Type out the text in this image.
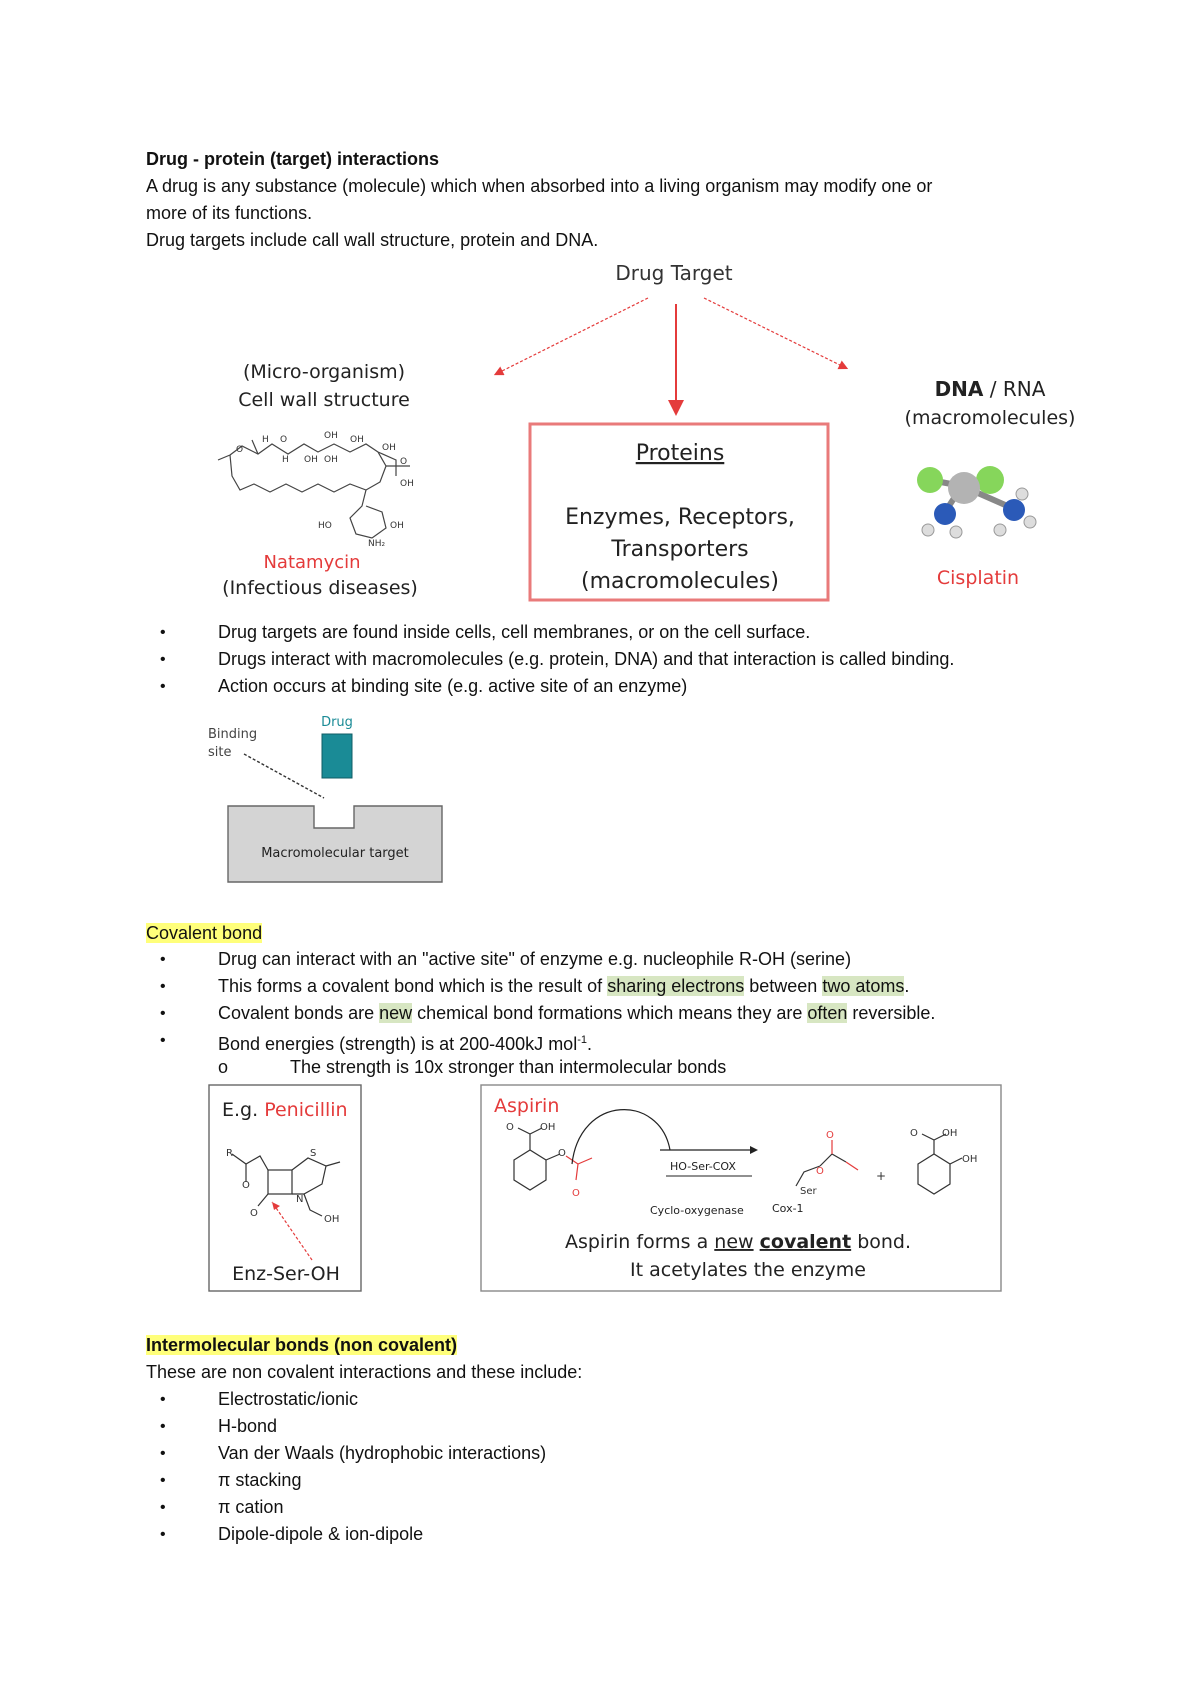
Drug - protein (target) interactions
A drug is any substance (molecule) which when absorbed into a living organism may modify one or
more of its functions.
Drug targets include call wall structure, protein and DNA.
Drug Target
(Micro-organism)
Cell wall structure
H O	OH OH
H OH OH
OH
O
OH
O
HO	OH
NH₂
Natamycin
(Infectious diseases)
Proteins
Enzymes, Receptors,
Transporters
(macromolecules)
DNA / RNA
(macromolecules)
Cisplatin
•	Drug targets are found inside cells, cell membranes, or on the cell surface.
•	Drugs interact with macromolecules (e.g. protein, DNA) and that interaction is called binding.
•	Action occurs at binding site (e.g. active site of an enzyme)
Binding
site
Drug
Macromolecular target
Covalent bond
•	Drug can interact with an "active site" of enzyme e.g. nucleophile R-OH (serine)
•	This forms a covalent bond which is the result of sharing electrons between two atoms.
•	Covalent bonds are new chemical bond formations which means they are often reversible.
•	Bond energies (strength) is at 200-400kJ mol$^{-1}$.
o	The strength is 10x stronger than intermolecular bonds
E.g. Penicillin
R	S
N
O
O
OH
Enz-Ser-OH
Aspirin
O	OH
O
O
HO-Ser-COX
Cyclo-oxygenase	Cox-1
Ser
O
O	+
O OH
OH
Aspirin forms a new covalent bond.
It acetylates the enzyme
Intermolecular bonds (non covalent)
These are non covalent interactions and these include:
•	Electrostatic/ionic
•	H-bond
•	Van der Waals (hydrophobic interactions)
•	π stacking
•	π cation
•	Dipole-dipole & ion-dipole
